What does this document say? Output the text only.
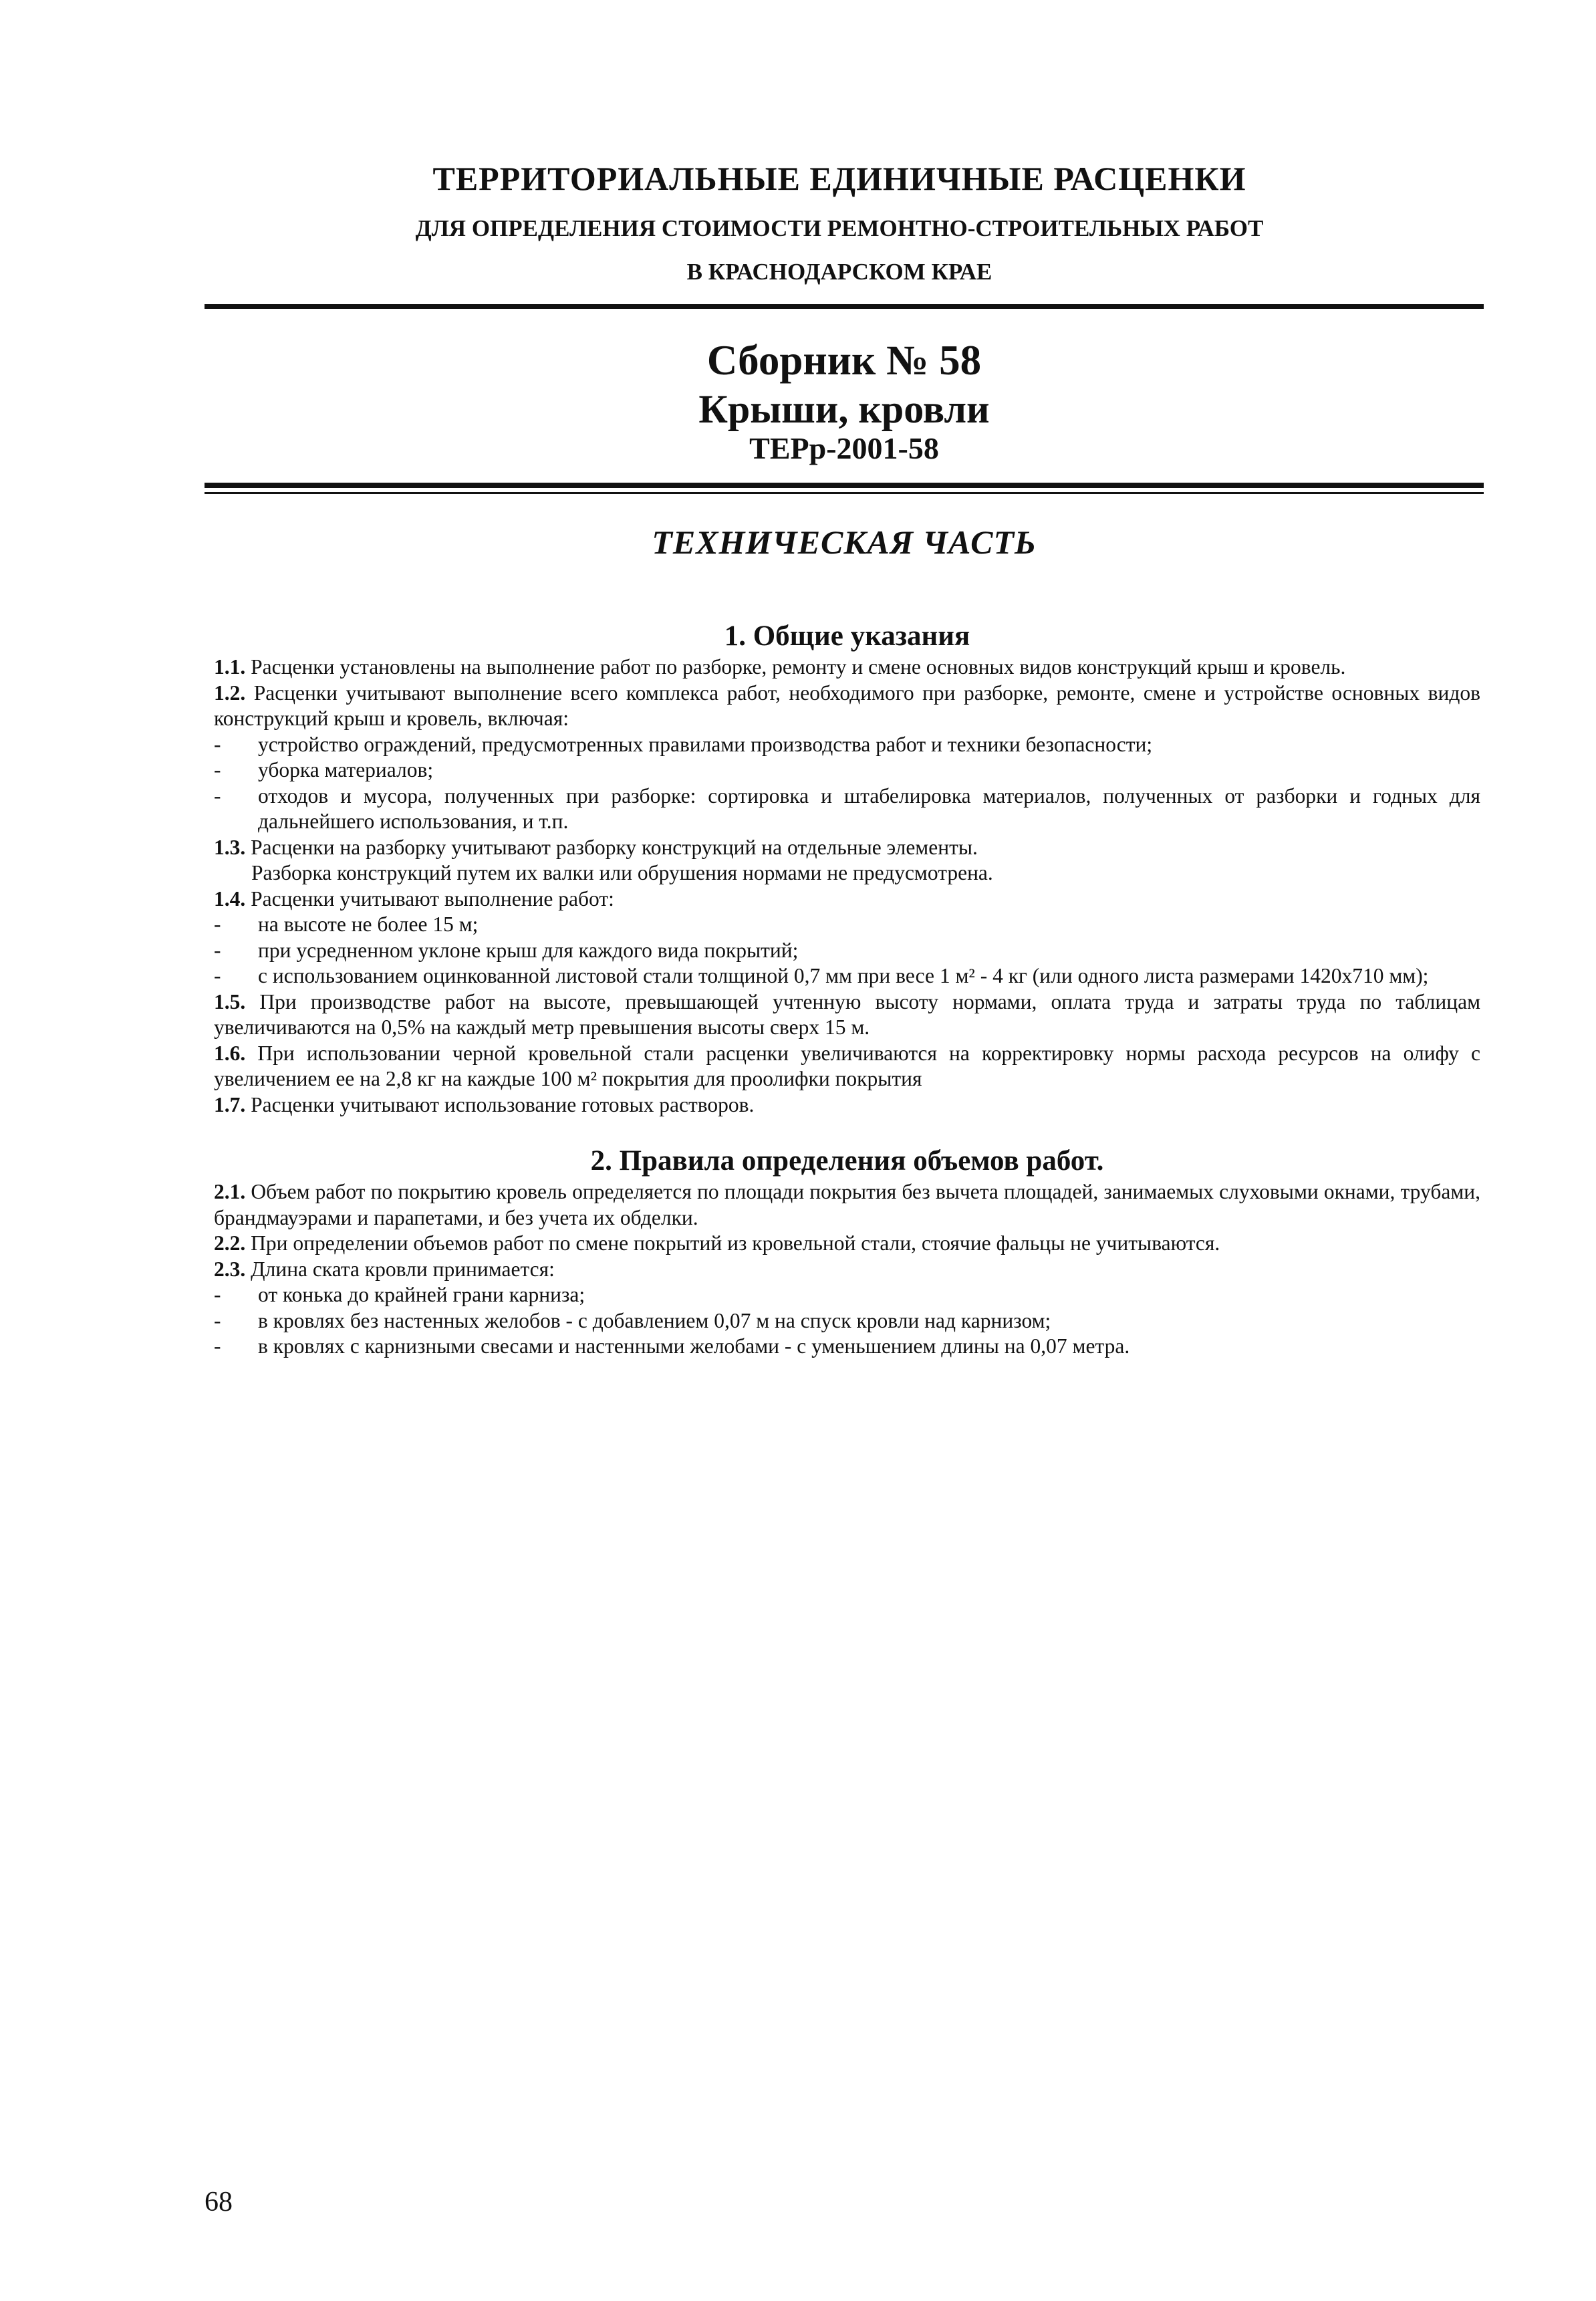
ТЕРРИТОРИАЛЬНЫЕ ЕДИНИЧНЫЕ РАСЦЕНКИ
ДЛЯ ОПРЕДЕЛЕНИЯ СТОИМОСТИ РЕМОНТНО-СТРОИТЕЛЬНЫХ РАБОТ
В КРАСНОДАРСКОМ КРАЕ
Сборник № 58
Крыши, кровли
ТЕРр-2001-58
ТЕХНИЧЕСКАЯ ЧАСТЬ
1. Общие указания

1.1. Расценки установлены на выполнение работ по разборке, ремонту и смене основных видов конструкций крыш и кровель.

1.2. Расценки учитывают выполнение всего комплекса работ, необходимого при разборке, ремонте, смене и устройстве основных видов конструкций крыш и кровель, включая:

-	устройство ограждений, предусмотренных правилами производства работ и техники безопасности;

-	уборка материалов;

-	отходов и мусора, полученных при разборке: сортировка и штабелировка материалов, полученных от разборки и годных для дальнейшего использования, и т.п.

1.3. Расценки на разборку учитывают разборку конструкций на отдельные элементы.

Разборка конструкций путем их валки или обрушения нормами не предусмотрена.

1.4. Расценки учитывают выполнение работ:

-	на высоте не более 15 м;

-	при усредненном уклоне крыш для каждого вида покрытий;

-	с использованием оцинкованной листовой стали толщиной 0,7 мм при весе 1 м² - 4 кг (или одного листа размерами 1420х710 мм);

1.5. При производстве работ на высоте, превышающей учтенную высоту нормами, оплата труда и затраты труда по таблицам увеличиваются на 0,5% на каждый метр превышения высоты сверх 15 м.

1.6. При использовании черной кровельной стали расценки увеличиваются на корректировку нормы расхода ресурсов на олифу с увеличением ее на 2,8 кг на каждые 100 м² покрытия для проолифки покрытия

1.7. Расценки учитывают использование готовых растворов.

2. Правила определения объемов работ.

2.1. Объем работ по покрытию кровель определяется по площади покрытия без вычета площадей, занимаемых слуховыми окнами, трубами, брандмауэрами и парапетами, и без учета их обделки.

2.2. При определении объемов работ по смене покрытий из кровельной стали, стоячие фальцы не учитываются.

2.3. Длина ската кровли принимается:

-	от конька до крайней грани карниза;

-	в кровлях без настенных желобов - с добавлением 0,07 м на спуск кровли над карнизом;

-	в кровлях с карнизными свесами и настенными желобами - с уменьшением длины на 0,07 метра.

68
